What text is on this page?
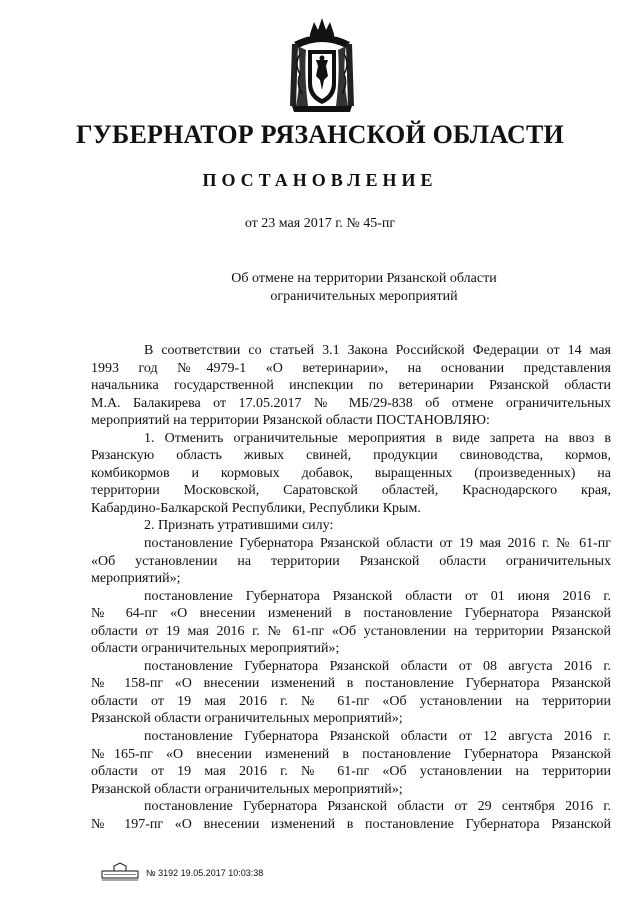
ГУБЕРНАТОР РЯЗАНСКОЙ ОБЛАСТИ
ПОСТАНОВЛЕНИЕ
от 23 мая 2017 г. № 45-пг
Об отмене на территории Рязанской области
ограничительных мероприятий
В соответствии со статьей 3.1 Закона Российской Федерации от 14 мая
1993 год №4979-1 «О ветеринарии», на основании представления
начальника государственной инспекции по ветеринарии Рязанской области
М.А. Балакирева от 17.05.2017 № МБ/29-838 об отмене ограничительных
мероприятий на территории Рязанской области ПОСТАНОВЛЯЮ:
1. Отменить ограничительные мероприятия в виде запрета на ввоз в
Рязанскую область живых свиней, продукции свиноводства, кормов,
комбикормов и кормовых добавок, выращенных (произведенных) на
территории Московской, Саратовской областей, Краснодарского края,
Кабардино-Балкарской Республики, Республики Крым.
2. Признать утратившими силу:
постановление Губернатора Рязанской области от 19 мая 2016 г. № 61-пг
«Об установлении на территории Рязанской области ограничительных
мероприятий»;
постановление Губернатора Рязанской области от 01 июня 2016 г.
№ 64-пг «О внесении изменений в постановление Губернатора Рязанской
области от 19 мая 2016 г. № 61-пг «Об установлении на территории Рязанской
области ограничительных мероприятий»;
постановление Губернатора Рязанской области от 08 августа 2016 г.
№ 158-пг «О внесении изменений в постановление Губернатора Рязанской
области от 19 мая 2016 г. № 61-пг «Об установлении на территории
Рязанской области ограничительных мероприятий»;
постановление Губернатора Рязанской области от 12 августа 2016 г.
№165-пг «О внесении изменений в постановление Губернатора Рязанской
области от 19 мая 2016 г. № 61-пг «Об установлении на территории
Рязанской области ограничительных мероприятий»;
постановление Губернатора Рязанской области от 29 сентября 2016 г.
№ 197-пг «О внесении изменений в постановление Губернатора Рязанской
№ 3192 19.05.2017 10:03:38
